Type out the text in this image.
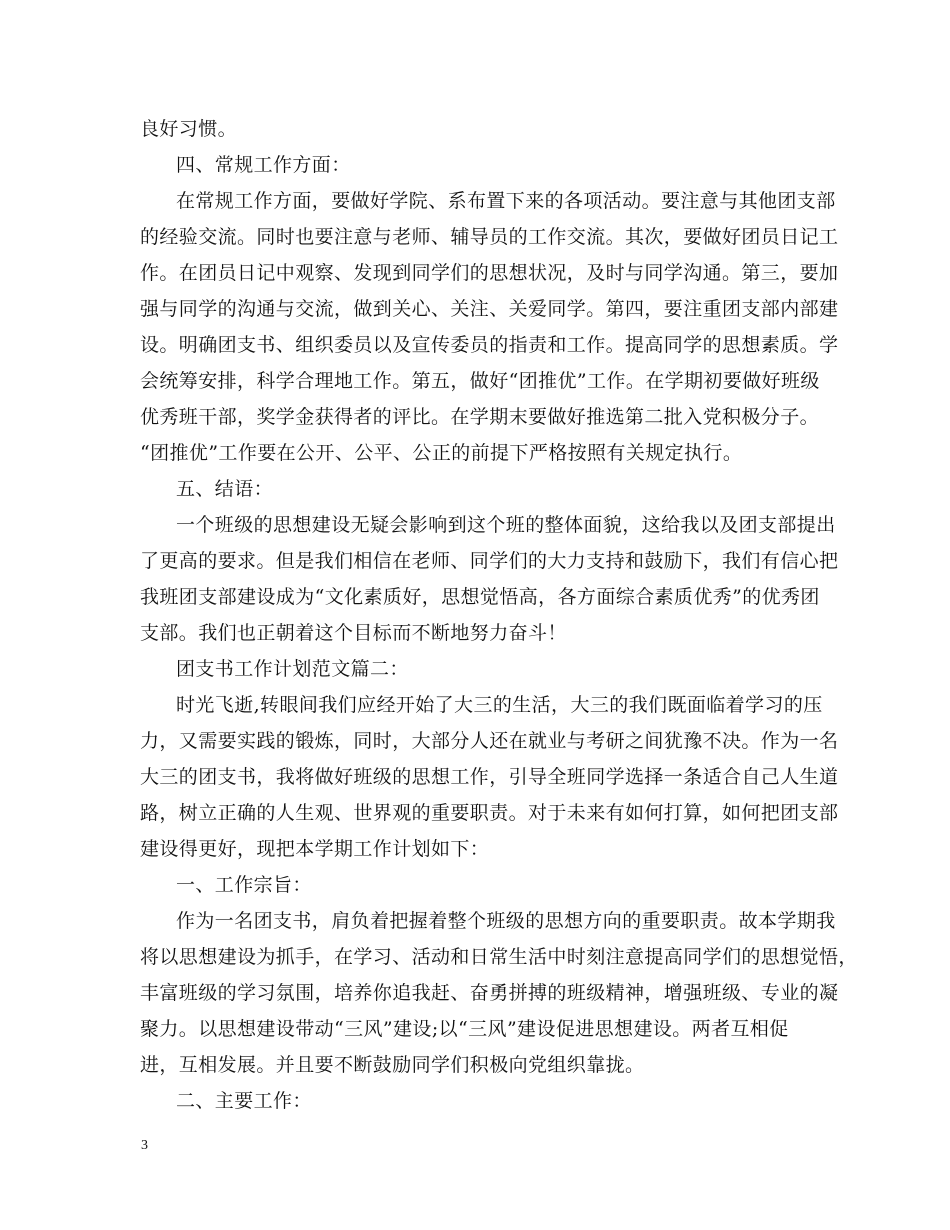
良好习惯。
四、常规工作方面：
在常规工作方面，要做好学院、系布置下来的各项活动。要注意与其他团支部
的经验交流。同时也要注意与老师、辅导员的工作交流。其次，要做好团员日记工
作。在团员日记中观察、发现到同学们的思想状况，及时与同学沟通。第三，要加
强与同学的沟通与交流，做到关心、关注、关爱同学。第四，要注重团支部内部建
设。明确团支书、组织委员以及宣传委员的指责和工作。提高同学的思想素质。学
会统筹安排，科学合理地工作。第五，做好“团推优”工作。在学期初要做好班级
优秀班干部，奖学金获得者的评比。在学期末要做好推选第二批入党积极分子。
“团推优”工作要在公开、公平、公正的前提下严格按照有关规定执行。
五、结语：
一个班级的思想建设无疑会影响到这个班的整体面貌，这给我以及团支部提出
了更高的要求。但是我们相信在老师、同学们的大力支持和鼓励下，我们有信心把
我班团支部建设成为“文化素质好，思想觉悟高，各方面综合素质优秀”的优秀团
支部。我们也正朝着这个目标而不断地努力奋斗！
团支书工作计划范文篇二：
时光飞逝,转眼间我们应经开始了大三的生活，大三的我们既面临着学习的压
力，又需要实践的锻炼，同时，大部分人还在就业与考研之间犹豫不决。作为一名
大三的团支书，我将做好班级的思想工作，引导全班同学选择一条适合自己人生道
路，树立正确的人生观、世界观的重要职责。对于未来有如何打算，如何把团支部
建设得更好，现把本学期工作计划如下：
一、工作宗旨：
作为一名团支书，肩负着把握着整个班级的思想方向的重要职责。故本学期我
将以思想建设为抓手，在学习、活动和日常生活中时刻注意提高同学们的思想觉悟，
丰富班级的学习氛围，培养你追我赶、奋勇拼搏的班级精神，增强班级、专业的凝
聚力。以思想建设带动“三风”建设;以“三风”建设促进思想建设。两者互相促
进，互相发展。并且要不断鼓励同学们积极向党组织靠拢。
二、主要工作：
3
